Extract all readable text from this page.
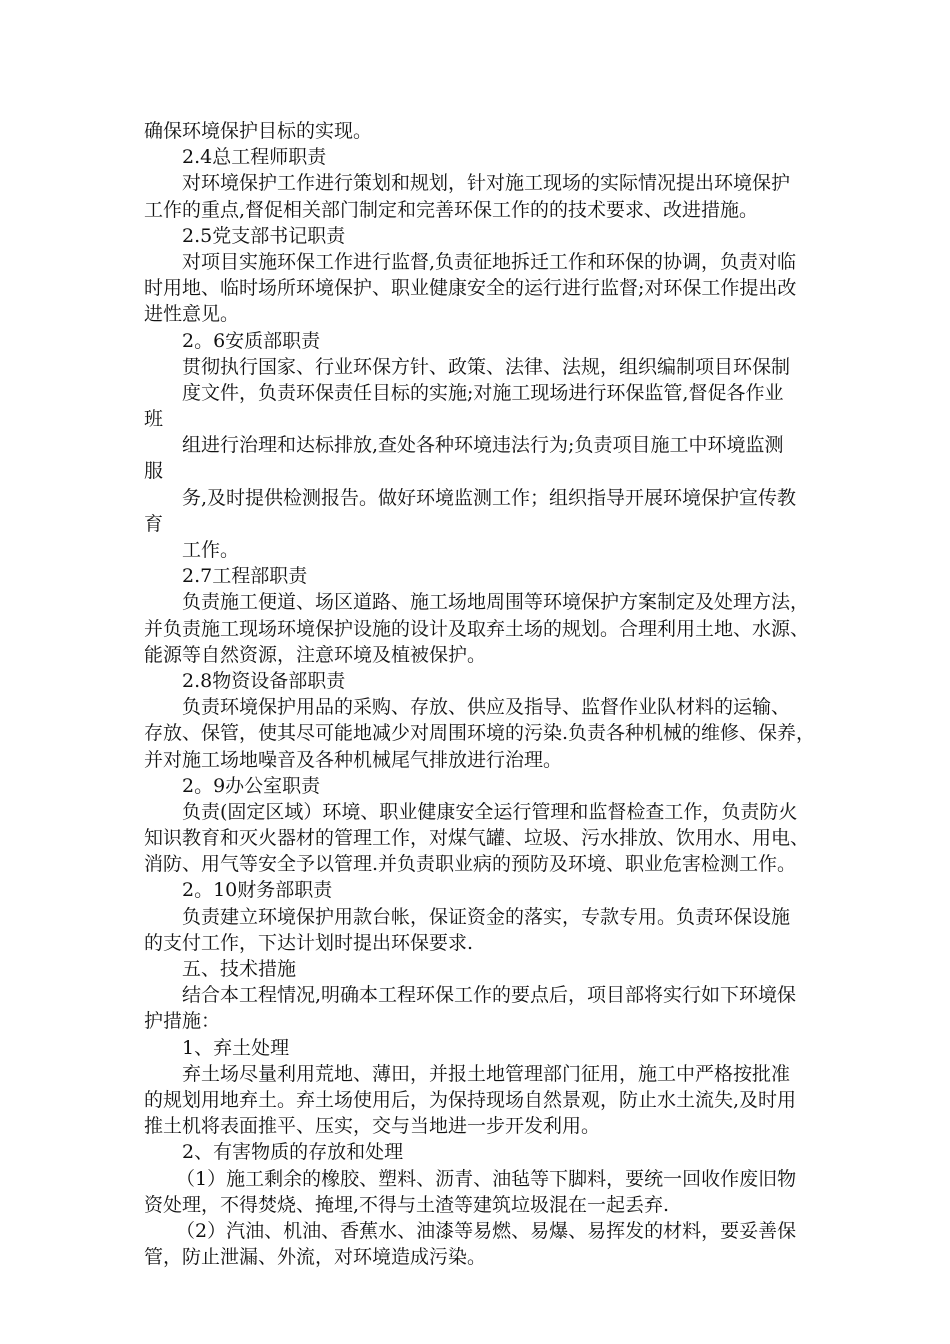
确保环境保护目标的实现。
2.4总工程师职责
对环境保护工作进行策划和规划，针对施工现场的实际情况提出环境保护
工作的重点,督促相关部门制定和完善环保工作的的技术要求、改进措施。
2.5党支部书记职责
对项目实施环保工作进行监督,负责征地拆迁工作和环保的协调，负责对临
时用地、临时场所环境保护、职业健康安全的运行进行监督;对环保工作提出改
进性意见。
2。6安质部职责
贯彻执行国家、行业环保方针、政策、法律、法规，组织编制项目环保制
度文件，负责环保责任目标的实施;对施工现场进行环保监管,督促各作业
班
组进行治理和达标排放,查处各种环境违法行为;负责项目施工中环境监测
服
务,及时提供检测报告。做好环境监测工作；组织指导开展环境保护宣传教
育
工作。
2.7工程部职责
负责施工便道、场区道路、施工场地周围等环境保护方案制定及处理方法，
并负责施工现场环境保护设施的设计及取弃土场的规划。合理利用土地、水源、
能源等自然资源，注意环境及植被保护。
2.8物资设备部职责
负责环境保护用品的采购、存放、供应及指导、监督作业队材料的运输、
存放、保管，使其尽可能地减少对周围环境的污染.负责各种机械的维修、保养，
并对施工场地噪音及各种机械尾气排放进行治理。
2。9办公室职责
负责(固定区域）环境、职业健康安全运行管理和监督检查工作，负责防火
知识教育和灭火器材的管理工作，对煤气罐、垃圾、污水排放、饮用水、用电、
消防、用气等安全予以管理.并负责职业病的预防及环境、职业危害检测工作。
2。10财务部职责
负责建立环境保护用款台帐，保证资金的落实，专款专用。负责环保设施
的支付工作，下达计划时提出环保要求.
五、技术措施
结合本工程情况,明确本工程环保工作的要点后，项目部将实行如下环境保
护措施：
1、弃土处理
弃土场尽量利用荒地、薄田，并报土地管理部门征用，施工中严格按批准
的规划用地弃土。弃土场使用后，为保持现场自然景观，防止水土流失,及时用
推土机将表面推平、压实，交与当地进一步开发利用。
2、有害物质的存放和处理
（1）施工剩余的橡胶、塑料、沥青、油毡等下脚料，要统一回收作废旧物
资处理，不得焚烧、掩埋,不得与土渣等建筑垃圾混在一起丢弃.
（2）汽油、机油、香蕉水、油漆等易燃、易爆、易挥发的材料，要妥善保
管，防止泄漏、外流，对环境造成污染。
